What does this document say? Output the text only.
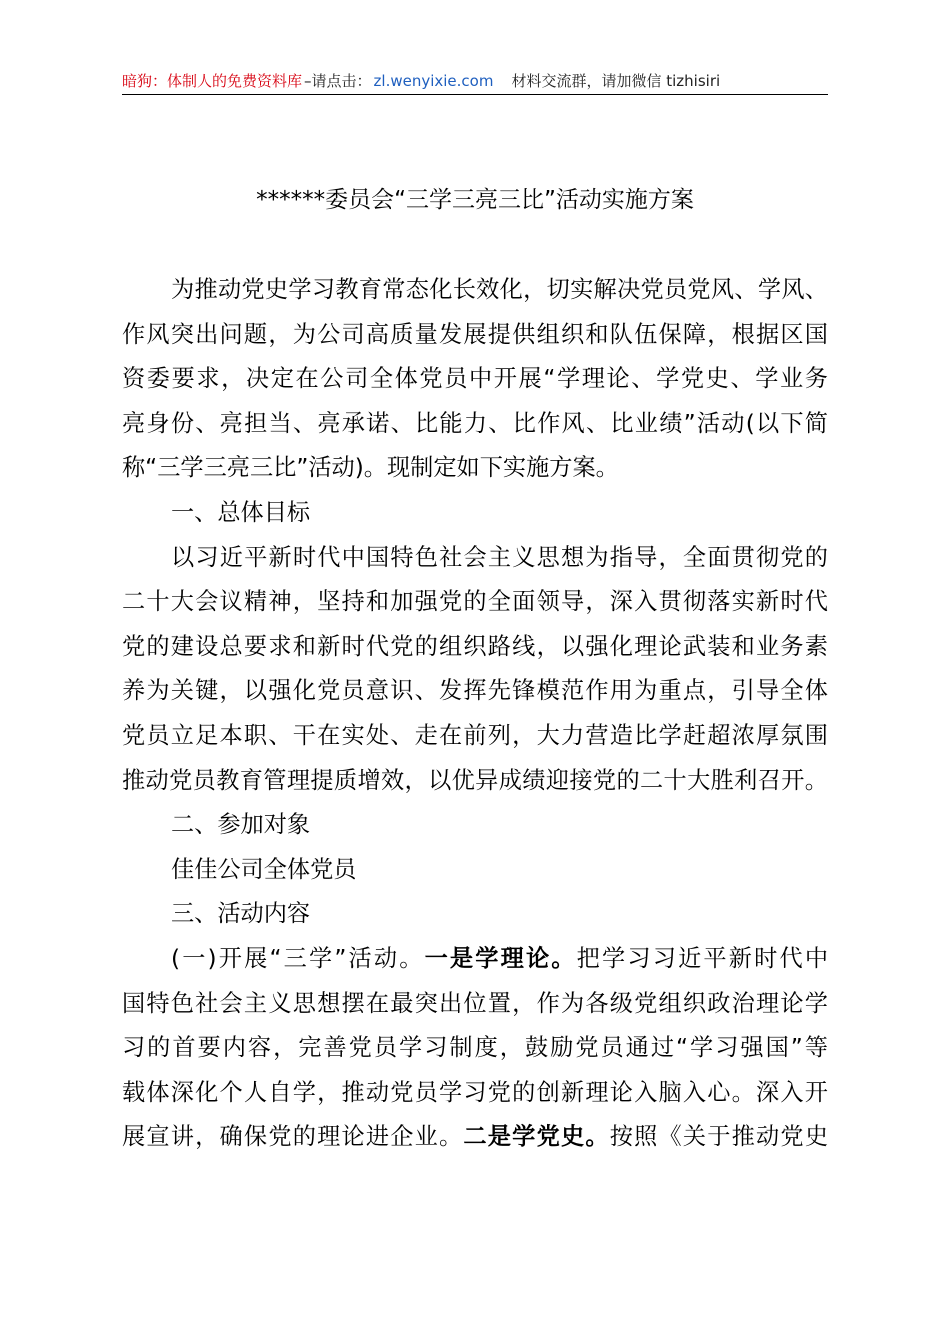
暗狗：体制人的免费资料库 –请点击： zl.wenyixie.com 材料交流群，请加微信 tizhisiri
******委员会“三学三亮三比”活动实施方案
为推动党史学习教育常态化长效化，切实解决党员党风、学风、
作风突出问题，为公司高质量发展提供组织和队伍保障，根据区国
资委要求，决定在公司全体党员中开展“学理论、学党史、学业务
亮身份、亮担当、亮承诺、比能力、比作风、比业绩”活动(以下简
称“三学三亮三比”活动)。现制定如下实施方案。
一、总体目标
以习近平新时代中国特色社会主义思想为指导，全面贯彻党的
二十大会议精神，坚持和加强党的全面领导，深入贯彻落实新时代
党的建设总要求和新时代党的组织路线，以强化理论武装和业务素
养为关键，以强化党员意识、发挥先锋模范作用为重点，引导全体
党员立足本职、干在实处、走在前列，大力营造比学赶超浓厚氛围
推动党员教育管理提质增效，以优异成绩迎接党的二十大胜利召开。
二、参加对象
佳佳公司全体党员
三、活动内容
(一)开展“三学”活动。一是学理论。把学习习近平新时代中
国特色社会主义思想摆在最突出位置，作为各级党组织政治理论学
习的首要内容，完善党员学习制度，鼓励党员通过“学习强国”等
载体深化个人自学，推动党员学习党的创新理论入脑入心。深入开
展宣讲，确保党的理论进企业。二是学党史。按照《关于推动党史
